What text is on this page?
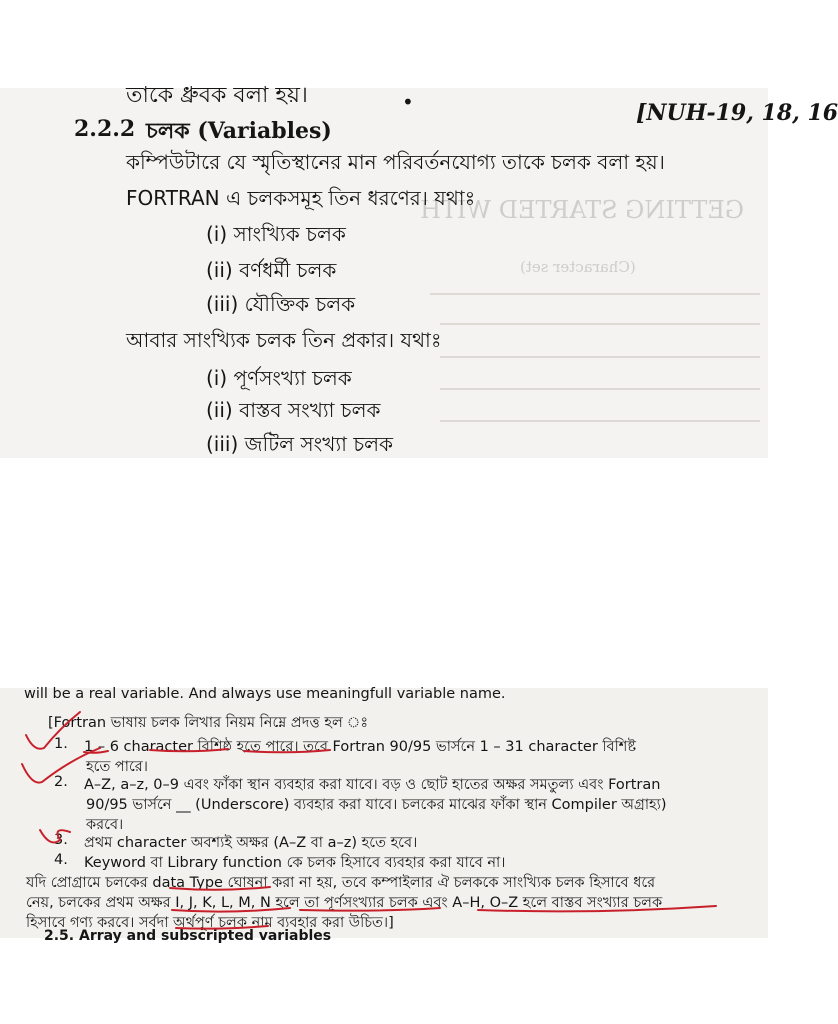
GETTING STARTED WITH
(Character set)
তাকে ধ্রুবক বলা হয়।	•
2.2.2 চলক (Variables)
[NUH-19, 18, 16
কম্পিউটারে যে স্মৃতিস্থানের মান পরিবর্তনযোগ্য তাকে চলক বলা হয়।
FORTRAN এ চলকসমূহ তিন ধরণের। যথাঃ
(i) সাংখ্যিক চলক
(ii) বর্ণধর্মী চলক
(iii) যৌক্তিক চলক
আবার সাংখ্যিক চলক তিন প্রকার। যথাঃ
(i) পূর্ণসংখ্যা চলক
(ii) বাস্তব সংখ্যা চলক
(iii) জটিল সংখ্যা চলক
will be a real variable. And always use meaningfull variable name.
[Fortran ভাষায় চলক লিখার নিয়ম নিম্নে প্রদত্ত হল ঃ
1. 1 – 6 character বিশিষ্ঠ হতে পারে। তবে Fortran 90/95 ভার্সনে 1 – 31 character বিশিষ্ট
হতে পারে।
2. A–Z, a–z, 0–9 এবং ফাঁকা স্থান ব্যবহার করা যাবে। বড় ও ছোট হাতের অক্ষর সমতুল্য এবং Fortran
90/95 ভার্সনে __ (Underscore) ব্যবহার করা যাবে। চলকের মাঝের ফাঁকা স্থান Compiler অগ্রাহ্য)
করবে।
3. প্রথম character অবশ্যই অক্ষর (A–Z বা a–z) হতে হবে।
4. Keyword বা Library function কে চলক হিসাবে ব্যবহার করা যাবে না।
যদি প্রোগ্রামে চলকের data Type ঘোষনা করা না হয়, তবে কম্পাইলার ঐ চলককে সাংখ্যিক চলক হিসাবে ধরে
নেয়, চলকের প্রথম অক্ষর I, J, K, L, M, N হলে তা পূর্ণসংখ্যার চলক এবং A–H, O–Z হলে বাস্তব সংখ্যার চলক
হিসাবে গণ্য করবে। সর্বদা অর্থপূর্ণ চলক নাম ব্যবহার করা উচিত।]
2.5. Array and subscripted variables
